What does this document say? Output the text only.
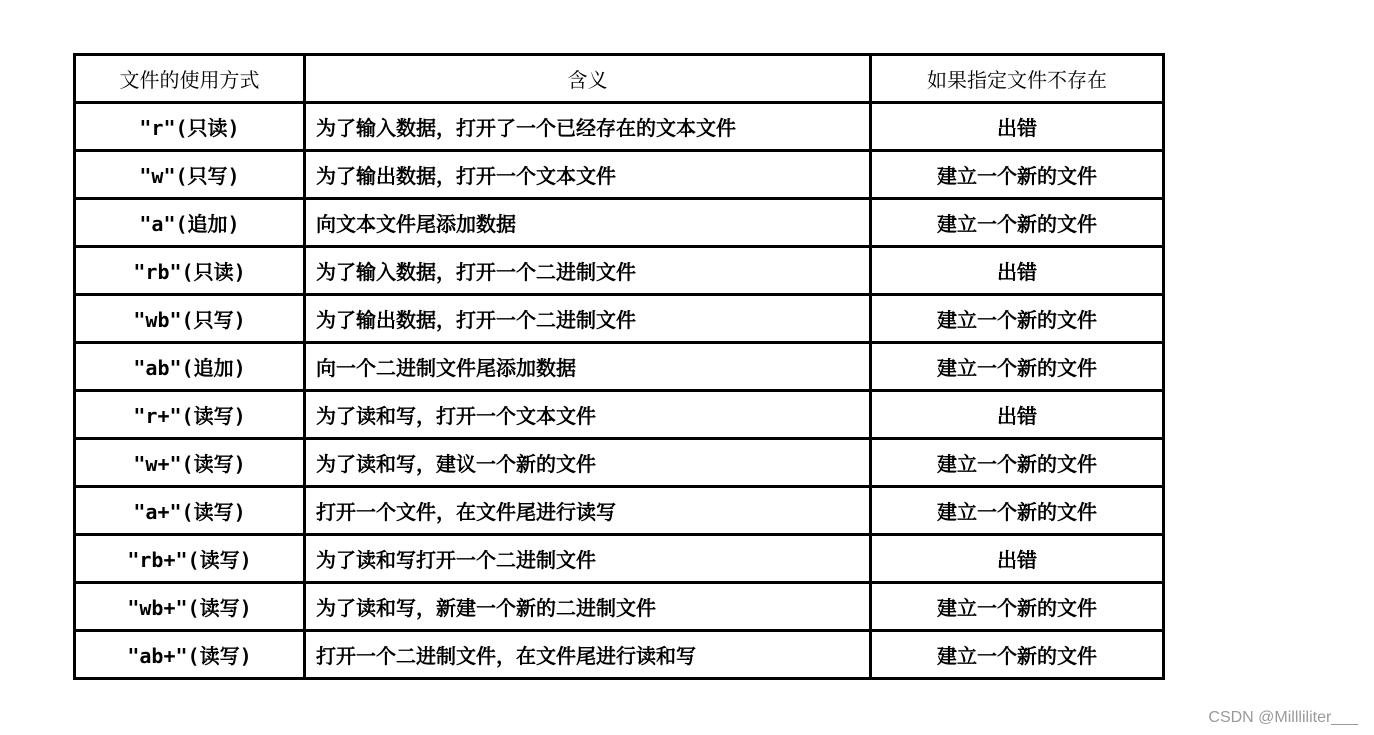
文件的使用方式	含义	如果指定文件不存在
"r"(只读)	为了输入数据，打开了一个已经存在的文本文件	出错
"w"(只写)	为了输出数据，打开一个文本文件	建立一个新的文件
"a"(追加)	向文本文件尾添加数据	建立一个新的文件
"rb"(只读)	为了输入数据，打开一个二进制文件	出错
"wb"(只写)	为了输出数据，打开一个二进制文件	建立一个新的文件
"ab"(追加)	向一个二进制文件尾添加数据	建立一个新的文件
"r+"(读写)	为了读和写，打开一个文本文件	出错
"w+"(读写)	为了读和写，建议一个新的文件	建立一个新的文件
"a+"(读写)	打开一个文件，在文件尾进行读写	建立一个新的文件
"rb+"(读写)	为了读和写打开一个二进制文件	出错
"wb+"(读写)	为了读和写，新建一个新的二进制文件	建立一个新的文件
"ab+"(读写)	打开一个二进制文件，在文件尾进行读和写	建立一个新的文件
CSDN @Millliliter___
